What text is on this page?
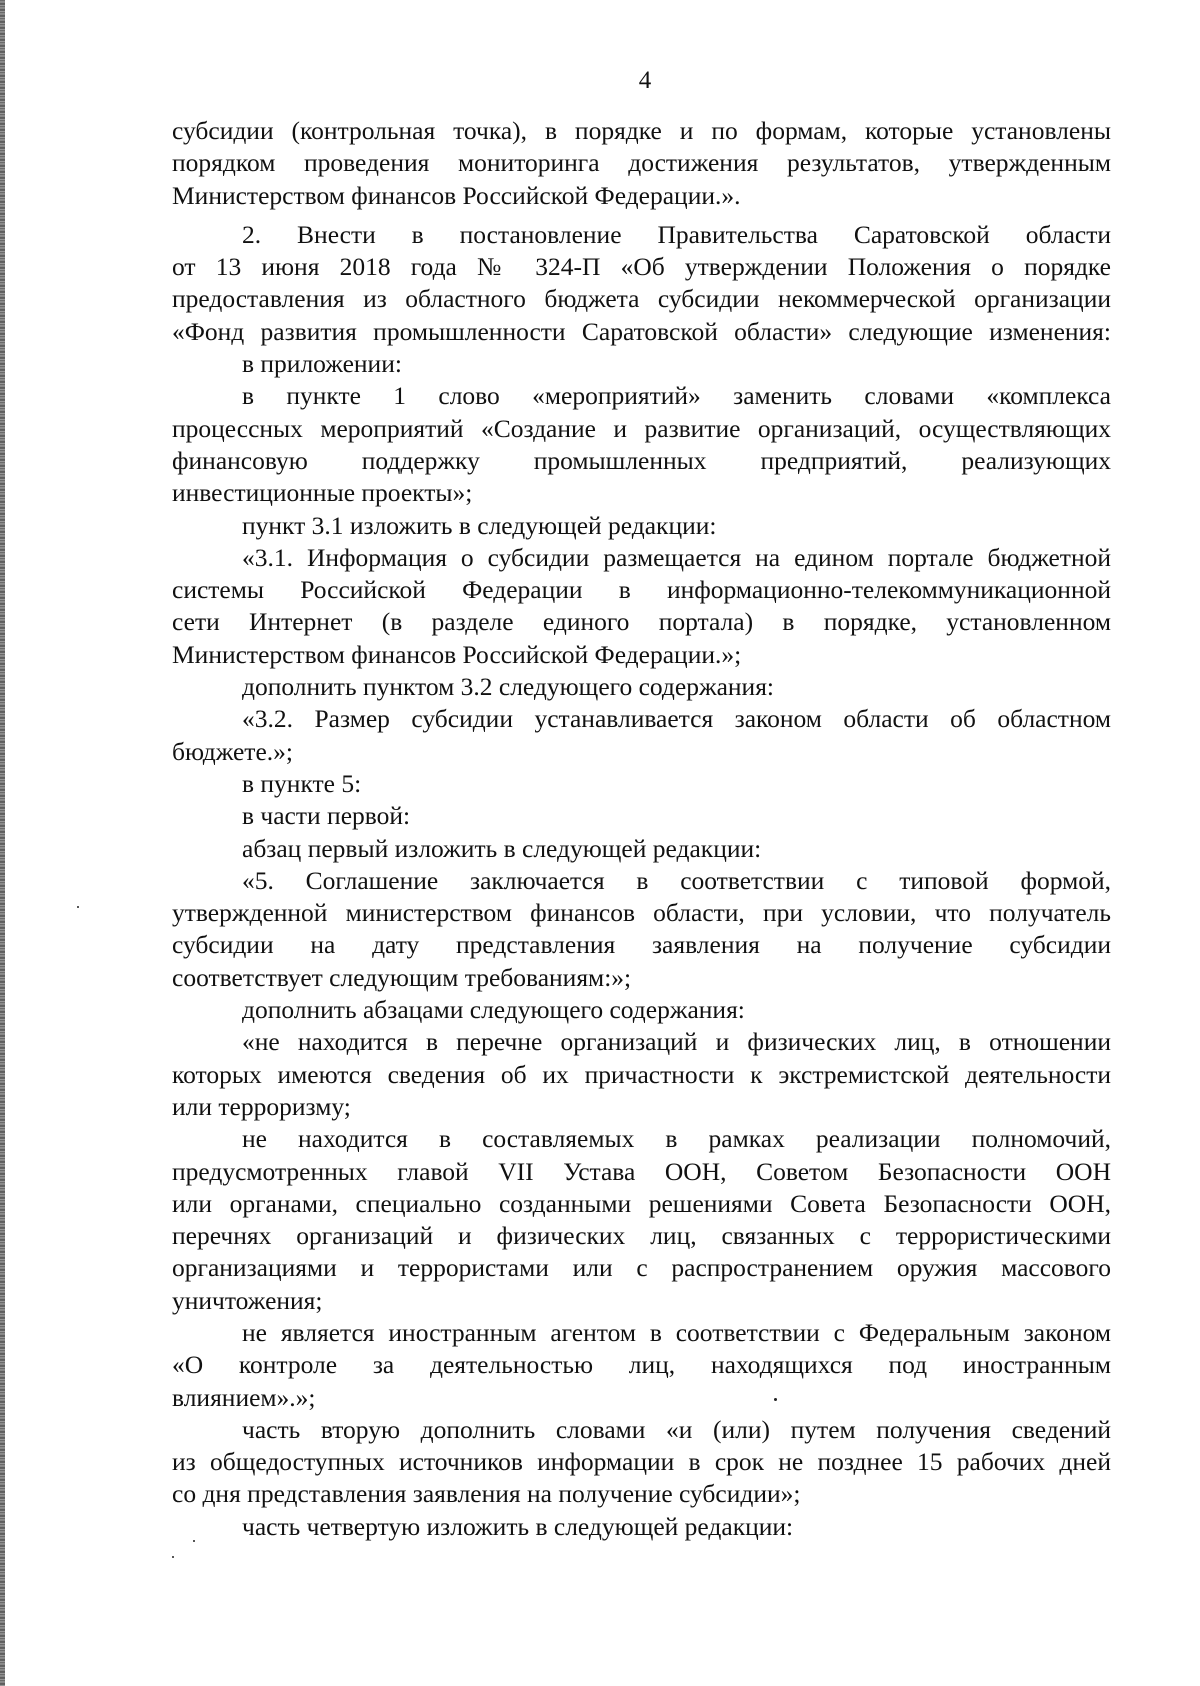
4
субсидии (контрольная точка), в порядке и по формам, которые установлены
порядком проведения мониторинга достижения результатов, утвержденным
Министерством финансов Российской Федерации.».
2. Внести в постановление Правительства Саратовской области
от 13 июня 2018 года № 324-П «Об утверждении Положения о порядке
предоставления из областного бюджета субсидии некоммерческой организации
«Фонд развития промышленности Саратовской области» следующие изменения:
в приложении:
в пункте 1 слово «мероприятий» заменить словами «комплекса
процессных мероприятий «Создание и развитие организаций, осуществляющих
финансовую поддержку промышленных предприятий, реализующих
инвестиционные проекты»;
пункт 3.1 изложить в следующей редакции:
«3.1. Информация о субсидии размещается на едином портале бюджетной
системы Российской Федерации в информационно-телекоммуникационной
сети Интернет (в разделе единого портала) в порядке, установленном
Министерством финансов Российской Федерации.»;
дополнить пунктом 3.2 следующего содержания:
«3.2. Размер субсидии устанавливается законом области об областном
бюджете.»;
в пункте 5:
в части первой:
абзац первый изложить в следующей редакции:
«5. Соглашение заключается в соответствии с типовой формой,
утвержденной министерством финансов области, при условии, что получатель
субсидии на дату представления заявления на получение субсидии
соответствует следующим требованиям:»;
дополнить абзацами следующего содержания:
«не находится в перечне организаций и физических лиц, в отношении
которых имеются сведения об их причастности к экстремистской деятельности
или терроризму;
не находится в составляемых в рамках реализации полномочий,
предусмотренных главой VII Устава ООН, Советом Безопасности ООН
или органами, специально созданными решениями Совета Безопасности ООН,
перечнях организаций и физических лиц, связанных с террористическими
организациями и террористами или с распространением оружия массового
уничтожения;
не является иностранным агентом в соответствии с Федеральным законом
«О контроле за деятельностью лиц, находящихся под иностранным
влиянием».»;
часть вторую дополнить словами «и (или) путем получения сведений
из общедоступных источников информации в срок не позднее 15 рабочих дней
со дня представления заявления на получение субсидии»;
часть четвертую изложить в следующей редакции:
